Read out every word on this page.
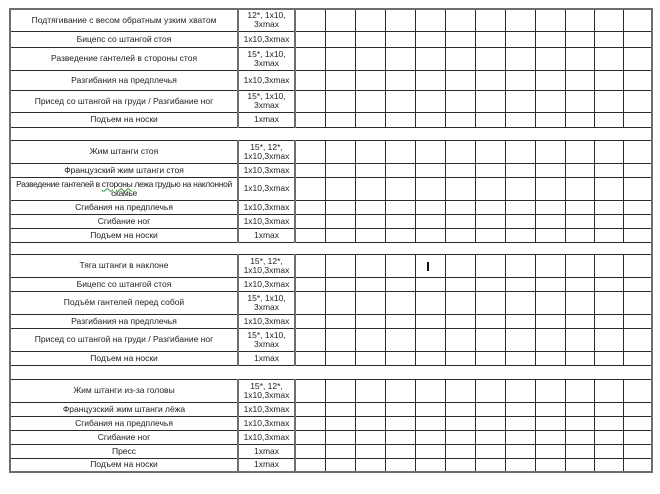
Подтягивание с весом обратным узким хватом	12*, 1x10, 3xmax												
Бицепс со штангой стоя	1x10,3xmax												
Разведение гантелей в стороны стоя	15*, 1x10, 3xmax												
Разгибания на предплечья	1x10,3xmax												
Присед со штангой на груди / Разгибание ног	15*, 1x10, 3xmax												
Подъем на носки	1xmax												

Жим штанги стоя	15*, 12*, 1x10,3xmax												
Французский жим штанги стоя	1x10,3xmax												
Разведение гантелей в стороны лежа грудью на наклонной скамье	1x10,3xmax												
Сгибания на предплечья	1x10,3xmax												
Сгибание ног	1x10,3xmax												
Подъем на носки	1xmax												

Тяга штанги в наклоне	15*, 12*, 1x10,3xmax												
Бицепс со штангой стоя	1x10,3xmax												
Подъём гантелей перед собой	15*, 1x10, 3xmax												
Разгибания на предплечья	1x10,3xmax												
Присед со штангой на груди / Разгибание ног	15*, 1x10, 3xmax												
Подъем на носки	1xmax												

Жим штанги из-за головы	15*, 12*, 1x10,3xmax												
Французский жим штанги лёжа	1x10,3xmax												
Сгибания на предплечья	1x10,3xmax												
Сгибание ног	1x10,3xmax												
Пресс	1xmax												
Подъем на носки	1xmax												
